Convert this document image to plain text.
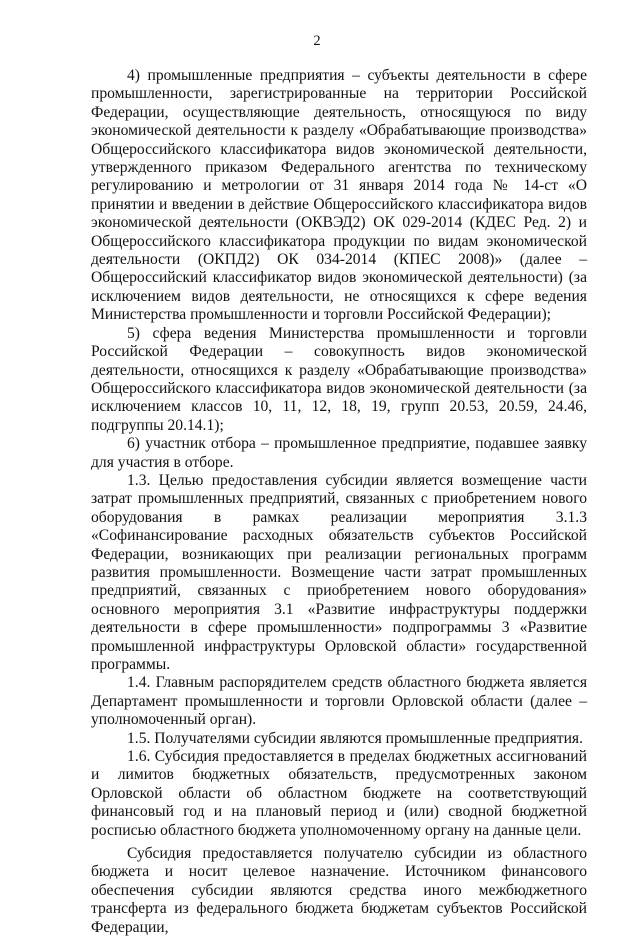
2

4) промышленные предприятия – субъекты деятельности в сфере промышленности, зарегистрированные на территории Российской Федерации, осуществляющие деятельность, относящуюся по виду экономической деятельности к разделу «Обрабатывающие производства» Общероссийского классификатора видов экономической деятельности, утвержденного приказом Федерального агентства по техническому регулированию и метрологии от 31 января 2014 года № 14-ст «О принятии и введении в действие Общероссийского классификатора видов экономической деятельности (ОКВЭД2) ОК 029-2014 (КДЕС Ред. 2) и Общероссийского классификатора продукции по видам экономической деятельности (ОКПД2) ОК 034-2014 (КПЕС 2008)» (далее – Общероссийский классификатор видов экономической деятельности) (за исключением видов деятельности, не относящихся к сфере ведения Министерства промышленности и торговли Российской Федерации);

5) сфера ведения Министерства промышленности и торговли Российской Федерации – совокупность видов экономической деятельности, относящихся к разделу «Обрабатывающие производства» Общероссийского классификатора видов экономической деятельности (за исключением классов 10, 11, 12, 18, 19, групп 20.53, 20.59, 24.46, подгруппы 20.14.1);

6) участник отбора – промышленное предприятие, подавшее заявку для участия в отборе.

1.3. Целью предоставления субсидии является возмещение части затрат промышленных предприятий, связанных с приобретением нового оборудования в рамках реализации мероприятия 3.1.3 «Софинансирование расходных обязательств субъектов Российской Федерации, возникающих при реализации региональных программ развития промышленности. Возмещение части затрат промышленных предприятий, связанных с приобретением нового оборудования» основного мероприятия 3.1 «Развитие инфраструктуры поддержки деятельности в сфере промышленности» подпрограммы 3 «Развитие промышленной инфраструктуры Орловской области» государственной программы.

1.4. Главным распорядителем средств областного бюджета является Департамент промышленности и торговли Орловской области (далее – уполномоченный орган).

1.5. Получателями субсидии являются промышленные предприятия.

1.6. Субсидия предоставляется в пределах бюджетных ассигнований и лимитов бюджетных обязательств, предусмотренных законом Орловской области об областном бюджете на соответствующий финансовый год и на плановый период и (или) сводной бюджетной росписью областного бюджета уполномоченному органу на данные цели.

Субсидия предоставляется получателю субсидии из областного бюджета и носит целевое назначение. Источником финансового обеспечения субсидии являются средства иного межбюджетного трансферта из федерального бюджета бюджетам субъектов Российской Федерации,
